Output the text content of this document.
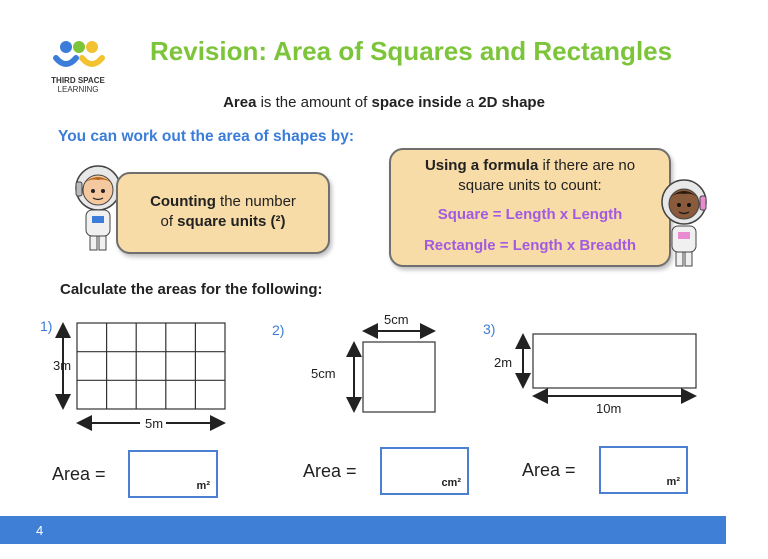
THIRD SPACE
LEARNING
Revision: Area of Squares and Rectangles
Area is the amount of space inside a 2D shape
You can work out the area of shapes by:
Counting the number
of square units (²)
Using a formula if there are no
square units to count:
Square = Length x Length
Rectangle = Length x Breadth
Calculate the areas for the following:
1)
3m
5m
Area =
m²
2)
5cm
5cm
Area =
cm²
3)
2m
10m
Area =
m²
4
